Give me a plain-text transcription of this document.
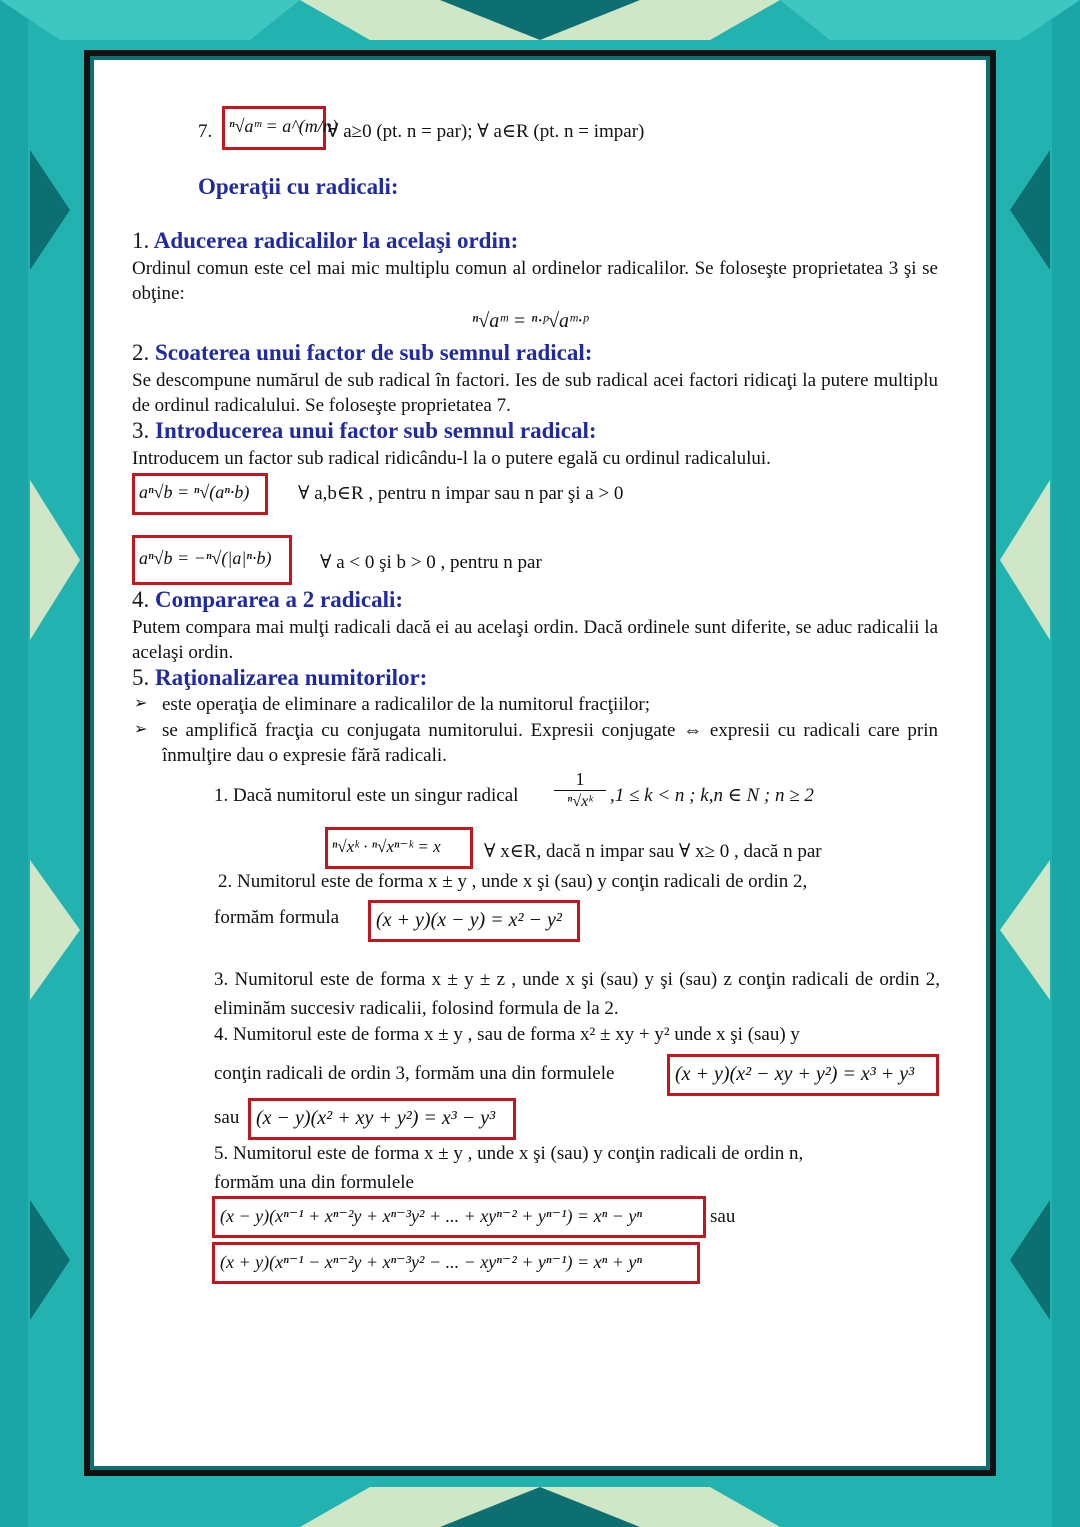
7. ⁿ√aᵐ = a^(m/n)
∀ a≥0 (pt. n = par); ∀ a∈R (pt. n = impar)
Operaţii cu radicali:
1. Aducerea radicalilor la acelaşi ordin:
Ordinul comun este cel mai mic multiplu comun al ordinelor radicalilor. Se foloseşte proprietatea 3 şi se obţine:
ⁿ√aᵐ = ⁿ·ᵖ√aᵐ·ᵖ
2. Scoaterea unui factor de sub semnul radical:
Se descompune numărul de sub radical în factori. Ies de sub radical acei factori ridicaţi la putere multiplu de ordinul radicalului. Se foloseşte proprietatea 7.
3. Introducerea unui factor sub semnul radical:
Introducem un factor sub radical ridicându-l la o putere egală cu ordinul radicalului.
aⁿ√b = ⁿ√(aⁿ·b)	∀ a,b∈R , pentru n impar sau n par şi a > 0
aⁿ√b = −ⁿ√(|a|ⁿ·b)	∀ a < 0 şi b > 0 , pentru n par
4. Compararea a 2 radicali:
Putem compara mai mulţi radicali dacă ei au acelaşi ordin. Dacă ordinele sunt diferite, se aduc radicalii la acelaşi ordin.
5. Raţionalizarea numitorilor:
➢ este operaţia de eliminare a radicalilor de la numitorul fracţiilor;
➢ se amplifică fracţia cu conjugata numitorului. Expresii conjugate ⇔ expresii cu radicali care prin înmulţire dau o expresie fără radicali.
1. Dacă numitorul este un singur radical $\frac{1}{\text{ⁿ√xᵏ}} ,1 \le k < n$ ; k,n ∈ N ; n ≥ 2
ⁿ√xᵏ · ⁿ√xⁿ⁻ᵏ = x ∀ x∈R, dacă n impar sau ∀ x≥ 0 , dacă n par
2. Numitorul este de forma x ± y , unde x şi (sau) y conţin radicali de ordin 2,
formăm formula (x + y)(x − y) = x² − y²
3. Numitorul este de forma x ± y ± z , unde x şi (sau) y şi (sau) z conţin radicali de ordin 2, eliminăm succesiv radicalii, folosind formula de la 2.
4. Numitorul este de forma x ± y , sau de forma x² ± xy + y² unde x şi (sau) y
conţin radicali de ordin 3, formăm una din formulele	(x + y)(x² − xy + y²) = x³ + y³
sau (x − y)(x² + xy + y²) = x³ − y³
5. Numitorul este de forma x ± y , unde x şi (sau) y conţin radicali de ordin n,
formăm una din formulele
(x − y)(xⁿ⁻¹ + xⁿ⁻²y + xⁿ⁻³y² + ... + xyⁿ⁻² + yⁿ⁻¹) = xⁿ − yⁿ	sau
(x + y)(xⁿ⁻¹ − xⁿ⁻²y + xⁿ⁻³y² − ... − xyⁿ⁻² + yⁿ⁻¹) = xⁿ + yⁿ
